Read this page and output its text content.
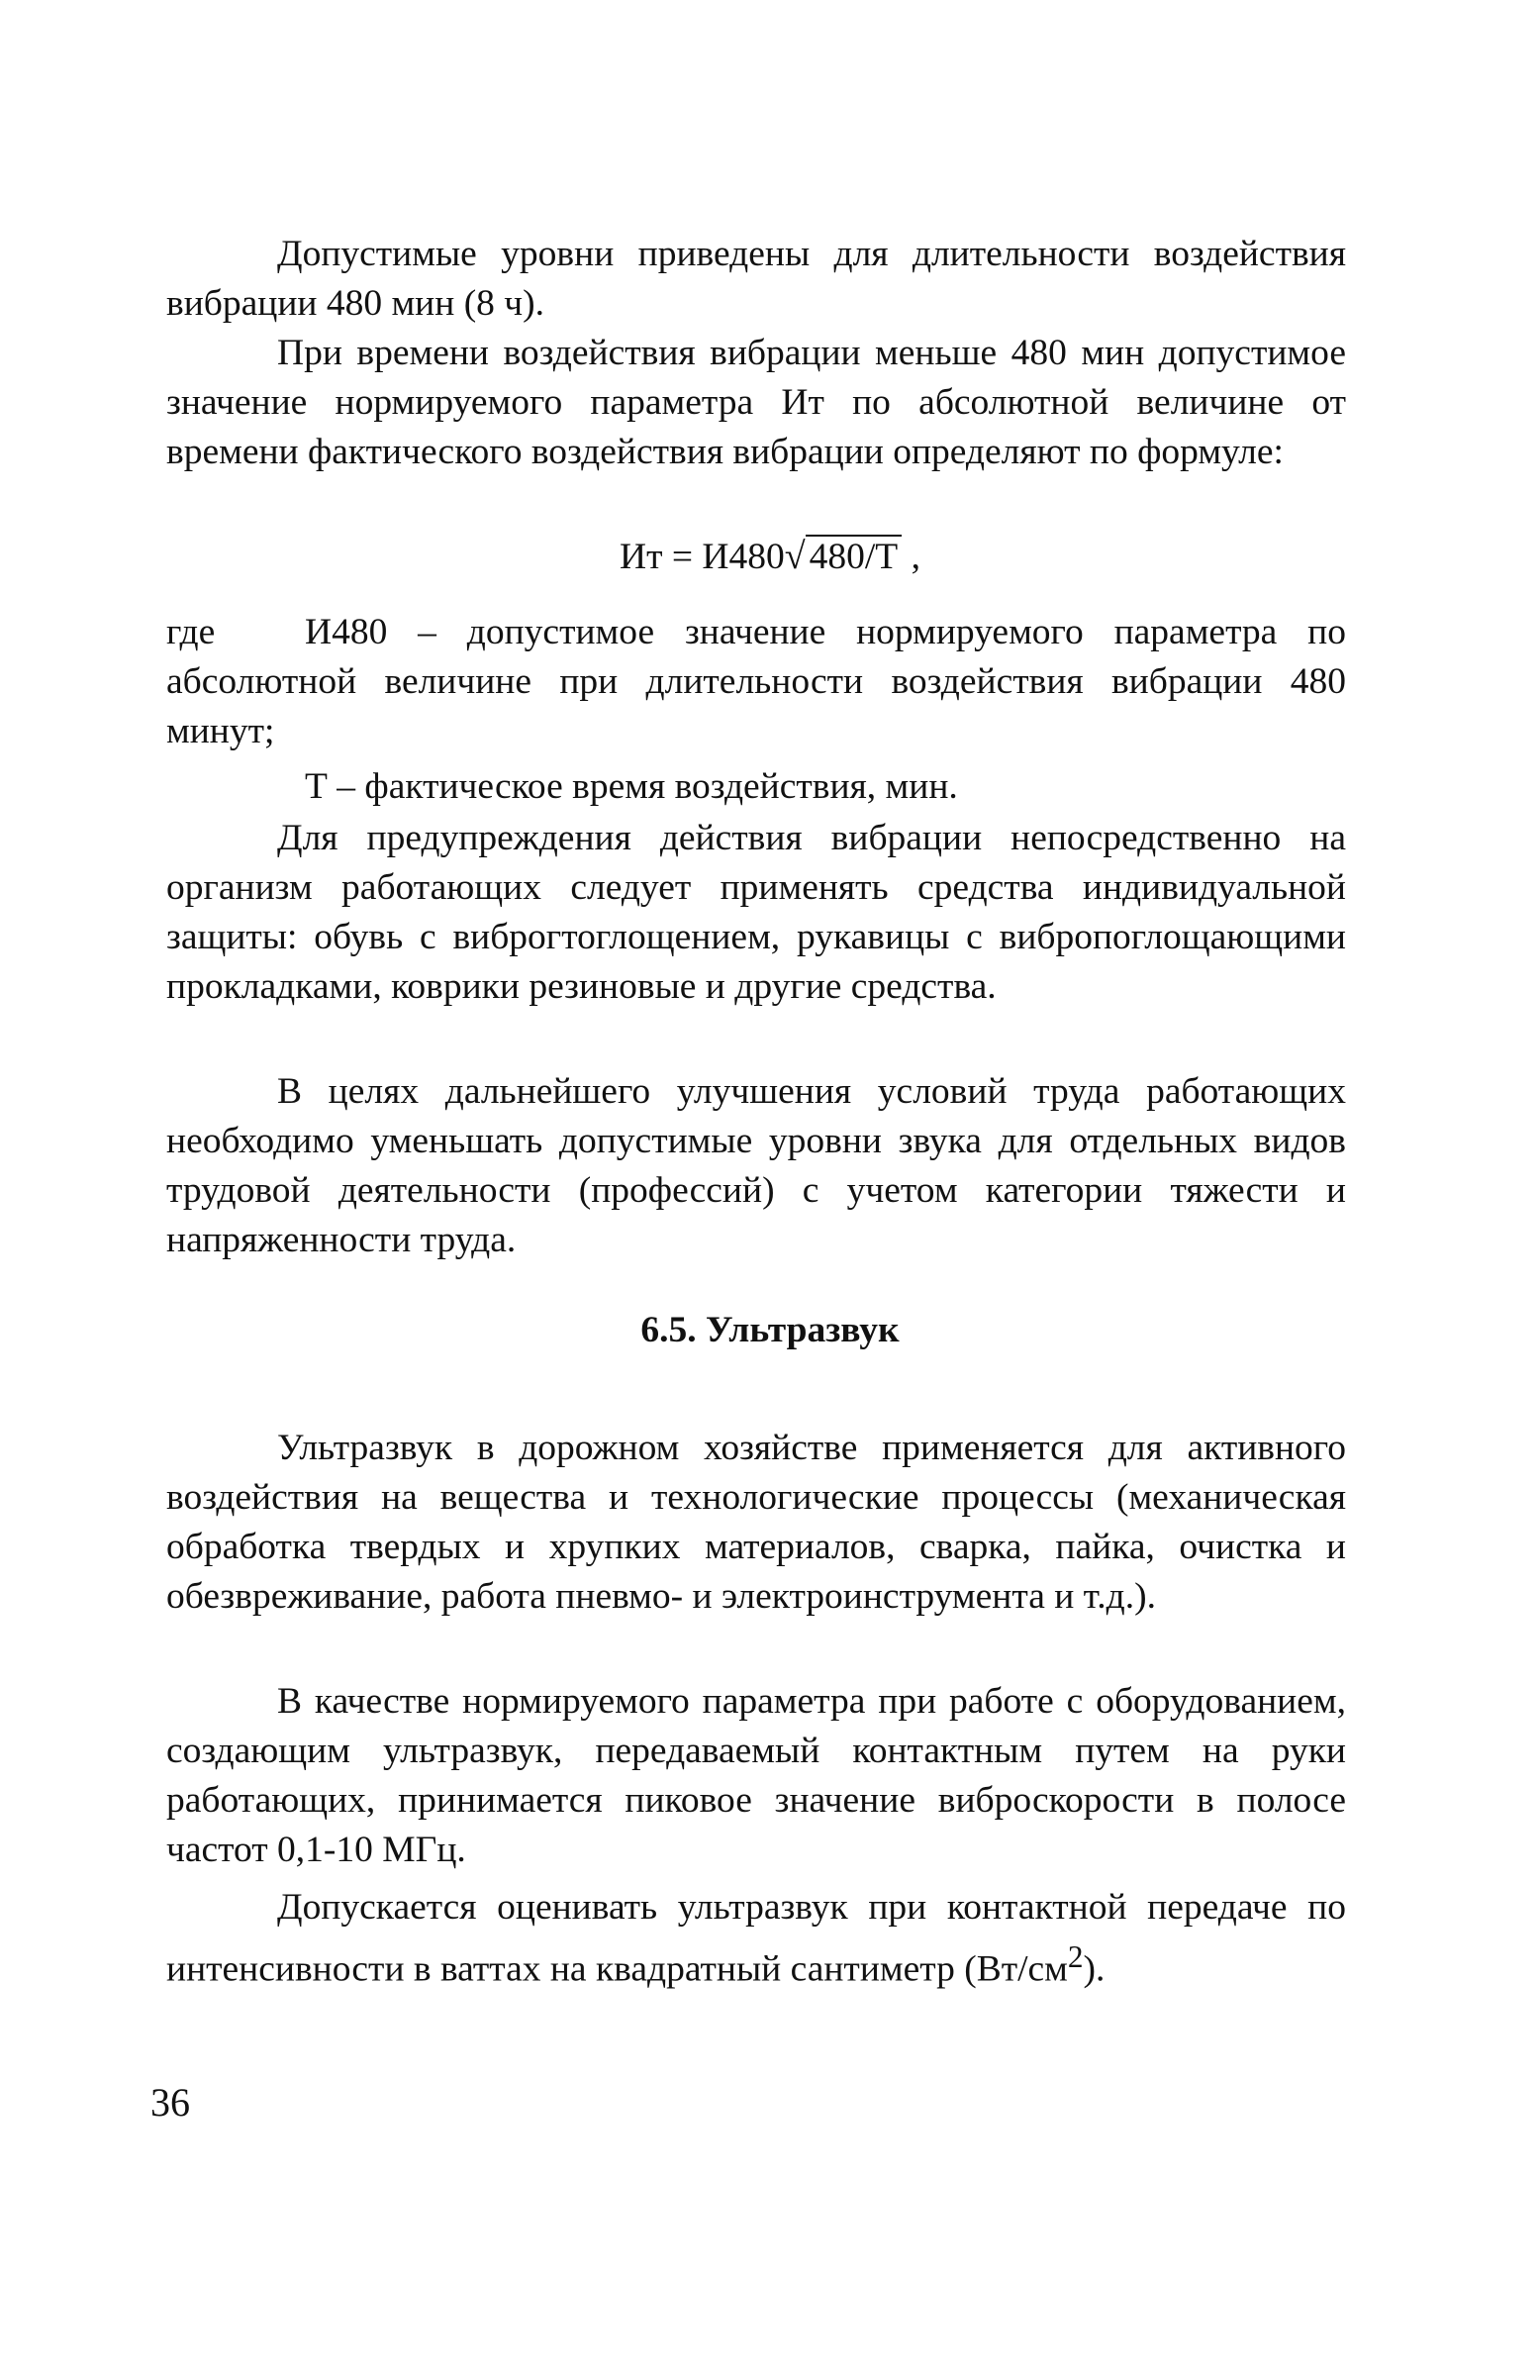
Допустимые уровни приведены для длительности воздействия вибрации 480 мин (8 ч).

При времени воздействия вибрации меньше 480 мин допустимое значение нормируемого параметра Ит по абсолютной величине от времени фактического воздействия вибрации определяют по формуле:

Ит = И480√ 480/Т ,

где И480 – допустимое значение нормируемого параметра по абсолютной величине при длительности воздействия вибрации 480 минут;

Т – фактическое время воздействия, мин.

Для предупреждения действия вибрации непосредственно на организм работающих следует применять средства индивидуальной защиты: обувь с виброгтоглощением, рукавицы с вибропоглощающими прокладками, коврики резиновые и другие средства.

В целях дальнейшего улучшения условий труда работающих необходимо уменьшать допустимые уровни звука для отдельных видов трудовой деятельности (профессий) с учетом категории тяжести и напряженности труда.

6.5. Ультразвук

Ультразвук в дорожном хозяйстве применяется для активного воздействия на вещества и технологические процессы (механическая обработка твердых и хрупких материалов, сварка, пайка, очистка и обезвреживание, работа пневмо- и электроинструмента и т.д.).

В качестве нормируемого параметра при работе с оборудованием, создающим ультразвук, передаваемый контактным путем на руки работающих, принимается пиковое значение виброскорости в полосе частот 0,1-10 МГц.

Допускается оценивать ультразвук при контактной передаче по интенсивности в ваттах на квадратный сантиметр $(Вт/см^2)$.

36
